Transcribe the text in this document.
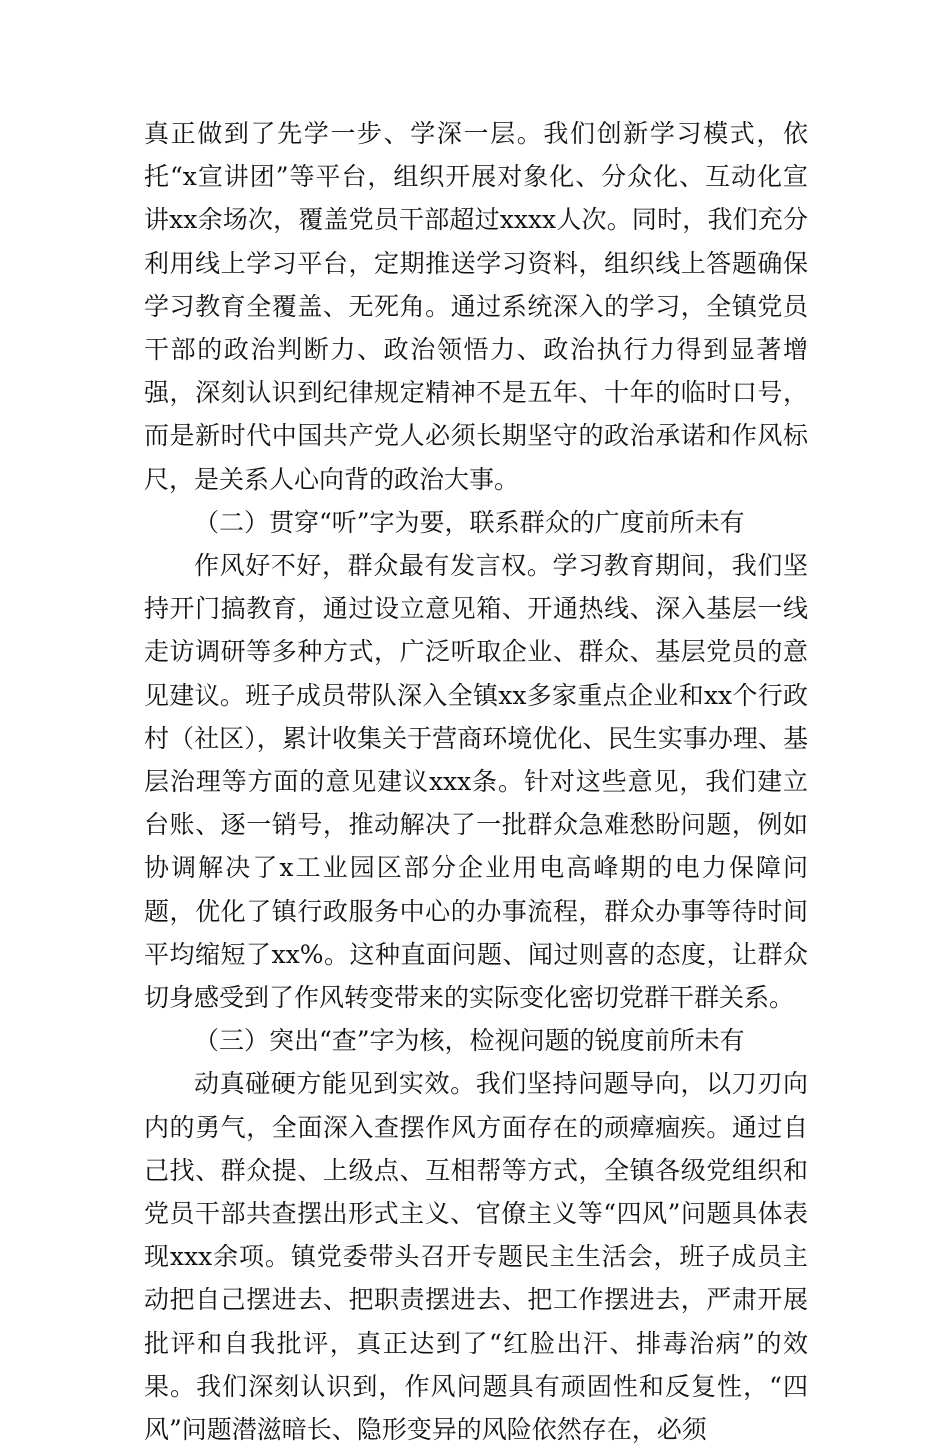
真正做到了先学一步、学深一层。我们创新学习模式，依托“x宣讲团”等平台，组织开展对象化、分众化、互动化宣讲xx余场次，覆盖党员干部超过xxxx人次。同时，我们充分利用线上学习平台，定期推送学习资料，组织线上答题确保学习教育全覆盖、无死角。通过系统深入的学习，全镇党员干部的政治判断力、政治领悟力、政治执行力得到显著增强，深刻认识到纪律规定精神不是五年、十年的临时口号，而是新时代中国共产党人必须长期坚守的政治承诺和作风标尺，是关系人心向背的政治大事。

（二）贯穿“听”字为要，联系群众的广度前所未有

作风好不好，群众最有发言权。学习教育期间，我们坚持开门搞教育，通过设立意见箱、开通热线、深入基层一线走访调研等多种方式，广泛听取企业、群众、基层党员的意见建议。班子成员带队深入全镇xx多家重点企业和xx个行政村（社区），累计收集关于营商环境优化、民生实事办理、基层治理等方面的意见建议xxx条。针对这些意见，我们建立台账、逐一销号，推动解决了一批群众急难愁盼问题，例如协调解决了x工业园区部分企业用电高峰期的电力保障问题，优化了镇行政服务中心的办事流程，群众办事等待时间平均缩短了xx%。这种直面问题、闻过则喜的态度，让群众切身感受到了作风转变带来的实际变化密切党群干群关系。

（三）突出“查”字为核，检视问题的锐度前所未有

动真碰硬方能见到实效。我们坚持问题导向，以刀刃向内的勇气，全面深入查摆作风方面存在的顽瘴痼疾。通过自己找、群众提、上级点、互相帮等方式，全镇各级党组织和党员干部共查摆出形式主义、官僚主义等“四风”问题具体表现xxx余项。镇党委带头召开专题民主生活会，班子成员主动把自己摆进去、把职责摆进去、把工作摆进去，严肃开展批评和自我批评，真正达到了“红脸出汗、排毒治病”的效果。我们深刻认识到，作风问题具有顽固性和反复性，“四风”问题潜滋暗长、隐形变异的风险依然存在，必须
